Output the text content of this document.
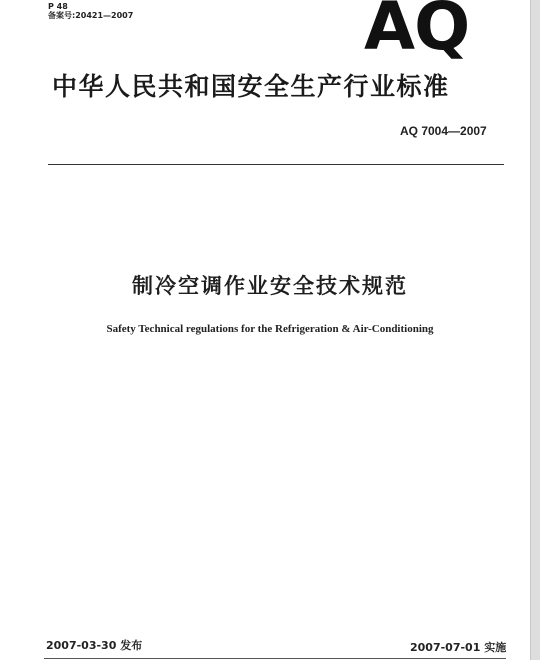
P 48
备案号:20421—2007	AQ
中华人民共和国安全生产行业标准
AQ 7004—2007
制冷空调作业安全技术规范
Safety Technical regulations for the Refrigeration & Air-Conditioning
2007-03-30 发布	2007-07-01 实施
